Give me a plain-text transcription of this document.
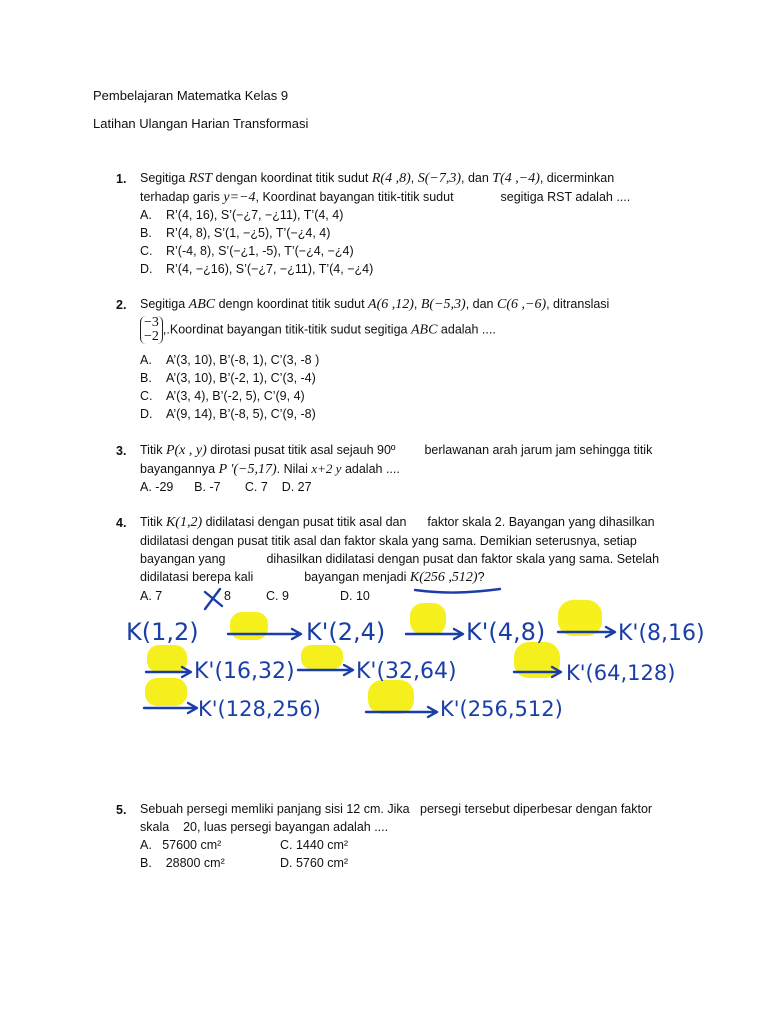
Pembelajaran Matematka Kelas 9
Latihan Ulangan Harian Transformasi
1. Segitiga RST dengan koordinat titik sudut R(4 ,8), S(−7,3), dan T(4 ,−4), dicerminkan
terhadap garis y=−4, Koordinat bayangan titik-titik sudut	segitiga RST adalah ....
A. R’(4, 16), S’(−¿7, −¿11), T’(4, 4)
B. R’(4, 8), S’(1, −¿5), T’(−¿4, 4)
C. R’(-4, 8), S’(−¿1, -5), T’(−¿4, −¿4)
D. R’(4, −¿16), S’(−¿7, −¿11), T’(4, −¿4)
2. Segitiga ABC dengn koordinat titik sudut A(6 ,12), B(−5,3), dan C(6 ,−6), ditranslasi
−3
−2 ,.Koordinat bayangan titik-titik sudut segitiga ABC adalah ....
A. A’(3, 10), B’(-8, 1), C’(3, -8 )
B. A’(3, 10), B’(-2, 1), C’(3, -4)
C. A’(3, 4), B’(-2, 5), C’(9, 4)
D. A’(9, 14), B’(-8, 5), C’(9, -8)
3. Titik P(x , y) dirotasi pusat titik asal sejauh 90º berlawanan arah jarum jam sehingga titik
bayangannya P '(−5,17). Nilai x+2 y adalah ....
A. -29      B. -7       C. 7    D. 27
4. Titik K(1,2) didilatasi dengan pusat titik asal dan faktor skala 2. Bayangan yang dihasilkan
didilatasi dengan pusat titik asal dan faktor skala yang sama. Demikian seterusnya, setiap
bayangan yang	dihasilkan didilatasi dengan pusat dan faktor skala yang sama. Setelah
didilatasi berepa kali	bayangan menjadi K(256 ,512)?
A. 7	8	C. 9	D. 10
K(1,2)	K'(2,4)	K'(4,8)	K'(8,16)
K'(16,32)	K'(32,64)	K'(64,128)
K'(128,256)	K'(256,512)
5. Sebuah persegi memliki panjang sisi 12 cm. Jika   persegi tersebut diperbesar dengan faktor
skala    20, luas persegi bayangan adalah ....
A.   57600 cm²	C. 1440 cm²
B.    28800 cm²	D. 5760 cm²
